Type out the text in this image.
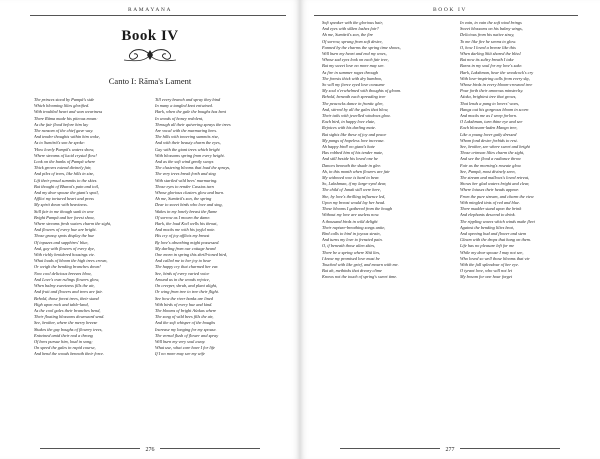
RAMAYANA
Book IV
Canto I: Rāma's Lament
The princes stood by Pampā's side
Which blooming lilies glorified.
With troubled heart and wan weariness
There Rāma made his piteous moan:
As the fair flood before him lay
The ransom of the chief gave way.
And tender thoughts within him woke,
As to Sumitrā's son he spoke:
'How lovely Pampā's waters show,
Where streams of lucid crystal flow!
Look on the banks of Pampā where
Thick groves extend divinely fair,
And piles of trees, like hills in size,
Lift their proud summits to the skies.
But thought of Bharat's pain and toil,
And my dear spouse the giant's spoil,
Afflict my tortured heart and press
My spirit down with heaviness.
Still fair to me though sunk in woe
Bright Pampā and her forest show,
Where streams fresh waters charm the sight,
And flowers of every hue are bright.
Those grassy spots display the hue
Of topazes and sapphires' blue,
And, gay with flowers of every dye,
With richly broidered housings vie.
What loads of bloom the high trees crown,
Or weigh the bending branches down!
Now cool delicious breezes blow,
And Love's own rulings flowers glow,
When balmy sweetness fills the air,
And fruit and flowers and trees are fair.
Behold, those forest trees, their stand
High upon rock and table-land,
As the cool gales their branches bend,
Their floating blossoms downward send.
See, brother, where the merry breeze
Shakes the gay boughs of flowery trees,
Entwined amid their nod a throng
Of bees pursue him, loud in song;
On speed the gales in rapid course,
And bend the woods beneath their force.
Till every branch and spray they bind
In many a tangled knot entwined.
Hark, when the gale the boughs has bent
In woods of honey redolent,
Through all their quivering sprays the trees
Are vocal with the murmuring bees.
The hills with towering summits rise,
And with their beauty charm the eyes,
Gay with the giant trees which bright
With blossoms spring from every height.
And as the soft wind gently sways
The clustering blooms that load the sprays,
The very trees break forth and sing
With startled wild bees' murmuring.
Those eyes to render Cassias turn
Whose glorious clusters glow and burn.
Ah me, Sumitrā's son, the spring
Dear to sweet birds who love and sing,
Wakes in my lonely breast the flame
Of sorrow as I mourn the dame.
Hark, the loud Koil wells his throat,
And mocks me with his joyful note.
His cry of joy afflicts my breast
By love's absorbing might possessed.
My darling from our cottage heard
One morn in spring this shrill-toned bird,
And called me to her joy to hear
The happy cry that charmed her ear.
See, birds of every varied voice
Around us in the woods rejoice,
On creeper, shrub, and plant alight,
Or wing from tree to tree their flight.
See how the river banks are lined
With birds of every hue and kind.
The blooms of bright Aśokas where
The song of wild bees fills the air,
And the soft whisper of the boughs
Increase my longing for my spouse.
The vernal flush of flower and spray
Will burn my very soul away.
What use, what care have I for life
If I no more may see my wife
276
BOOK IV
Soft speaker with the glorious hair,
And eyes with silken lashes fair?
Ah me, Sumitrā's son, the fire
Of sorrow, sprung from soft desire,
Fanned by the charms the spring time shows,
Will burn my heart and end my woes,
Whose sad eyes look on each fair tree,
But my sweet love no more may see.
As fire in summer rages through
The forests thick with dry bamboo,
So will my fierce eyed love consume
My soul o'erwhelmed with thoughts of gloom.
Behold, beneath each spreading tree
The peacocks dance in frantic glee,
And, stirred by all the gales that blow,
Their tails with jewelled windows glow.
Each bird, in happy love elate,
Rejoices with his darling mate.
But sights like these of joy and peace
My pangs of hopeless love increase.
Ah happy bird! no giant's hate
Has robbed him of his tender mate,
And still beside his loved one he
Dances beneath the shade in glee.
Ah, in this month when flowers are fair
My widowed woe is hard to bear.
So, Lakshman, if my large-eyed dear,
The child of Janak still were here,
She, by love's thrilling influence led,
Upon my breast would lay her head.
These blooms I gathered from the bough
Without my love are useless now.
A thousand birds in wild delight
Their rapture-breathing songs unite,
Bird calls to bird in joyous strain,
And turns my love to frenzied pain.
O, if beneath those alien skies,
There be a spring where Sītā lies,
I know my promised love must be
Touched with like grief, and mourn with me.
But ah, methinks that dreary clime
Knows not the touch of spring's sweet time.
In vain, in vain the soft wind brings
Sweet blossoms on his balmy wings,
Delicious from his native stray,
To me like fire he seems to glow.
O, how I loved a breeze like this
When darling Sītā shared the bliss!
But now its sultry breath I take
Burns in my soul for my love's sake.
Hark, Lakshman, hear the woodcock's cry
With love-inspiring calls from every sky,
Whose birds in every bloom-crowned tree
Pour forth their amorous minstrelsy.
Aśoka, brightest tree that grows,
That lends a pang to lovers' woes,
Hangs out his gorgeous bloom in scorn
And mocks me as I weep forlorn.
O Lakshman, turn thine eye and see
Each blossom-laden Mango tree,
Like a young lover gaily dressed
Whom fond desire forbids to rest.
See, brother, see where sweet and bright
Those crimson lilies charm the sight,
And see the flood a radiance throw
Fair as the morning's roseate glow.
See, Pampā, most divinely seen,
The stream and mallows's loved retreat,
Shows her glad waters bright and clear,
Where lotuses their heads appear.
From the pure stream, and charm the view
With mingled tints of red and blue.
There madder stand upon the brink
And elephants descend to drink.
The rippling waves which winds make fleet
Against the bending lilies beat,
And opening bud and flower and stem
Gleam with the drops that hang on them.
Life has no pleasure left for me
While my dear spouse I may not see,
Who loved so well those blooms that vie
With the full splendour of her eye.
O tyrant love, who will not let
My bosom for one hour forget
277
